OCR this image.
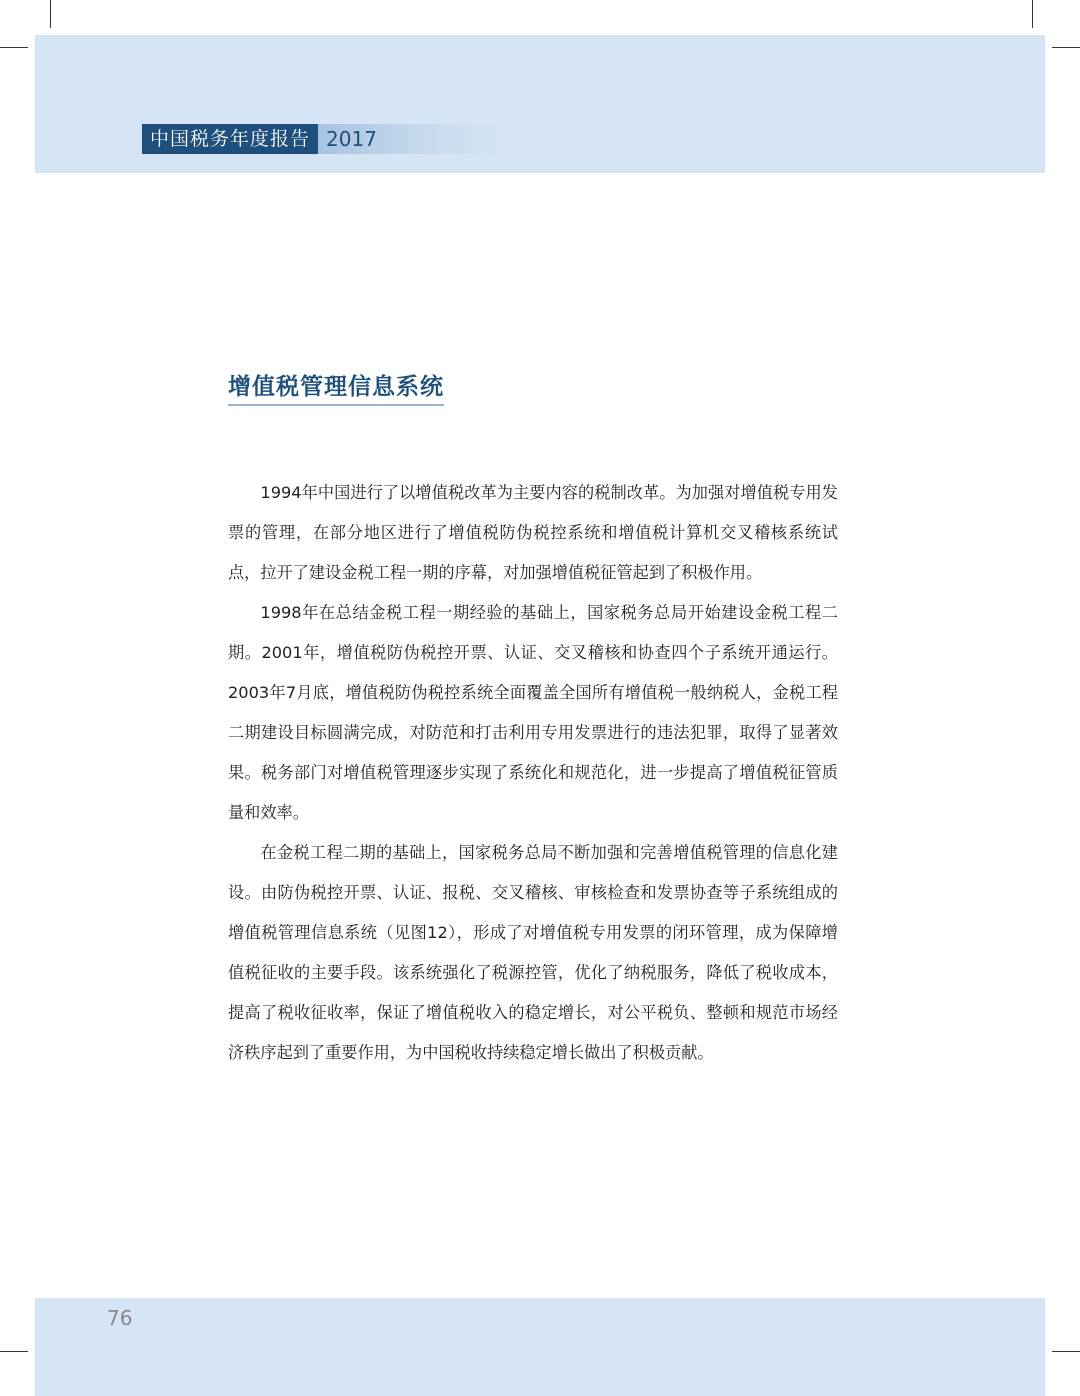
中国税务年度报告 2017
增值税管理信息系统

1994年中国进行了以增值税改革为主要内容的税制改革。为加强对增值税专用发票的管理，在部分地区进行了增值税防伪税控系统和增值税计算机交叉稽核系统试点，拉开了建设金税工程一期的序幕，对加强增值税征管起到了积极作用。

1998年在总结金税工程一期经验的基础上，国家税务总局开始建设金税工程二期。2001年，增值税防伪税控开票、认证、交叉稽核和协查四个子系统开通运行。2003年7月底，增值税防伪税控系统全面覆盖全国所有增值税一般纳税人，金税工程二期建设目标圆满完成，对防范和打击利用专用发票进行的违法犯罪，取得了显著效果。税务部门对增值税管理逐步实现了系统化和规范化，进一步提高了增值税征管质量和效率。

在金税工程二期的基础上，国家税务总局不断加强和完善增值税管理的信息化建设。由防伪税控开票、认证、报税、交叉稽核、审核检查和发票协查等子系统组成的增值税管理信息系统（见图12），形成了对增值税专用发票的闭环管理，成为保障增值税征收的主要手段。该系统强化了税源控管，优化了纳税服务，降低了税收成本，提高了税收征收率，保证了增值税收入的稳定增长，对公平税负、整顿和规范市场经济秩序起到了重要作用，为中国税收持续稳定增长做出了积极贡献。

76
